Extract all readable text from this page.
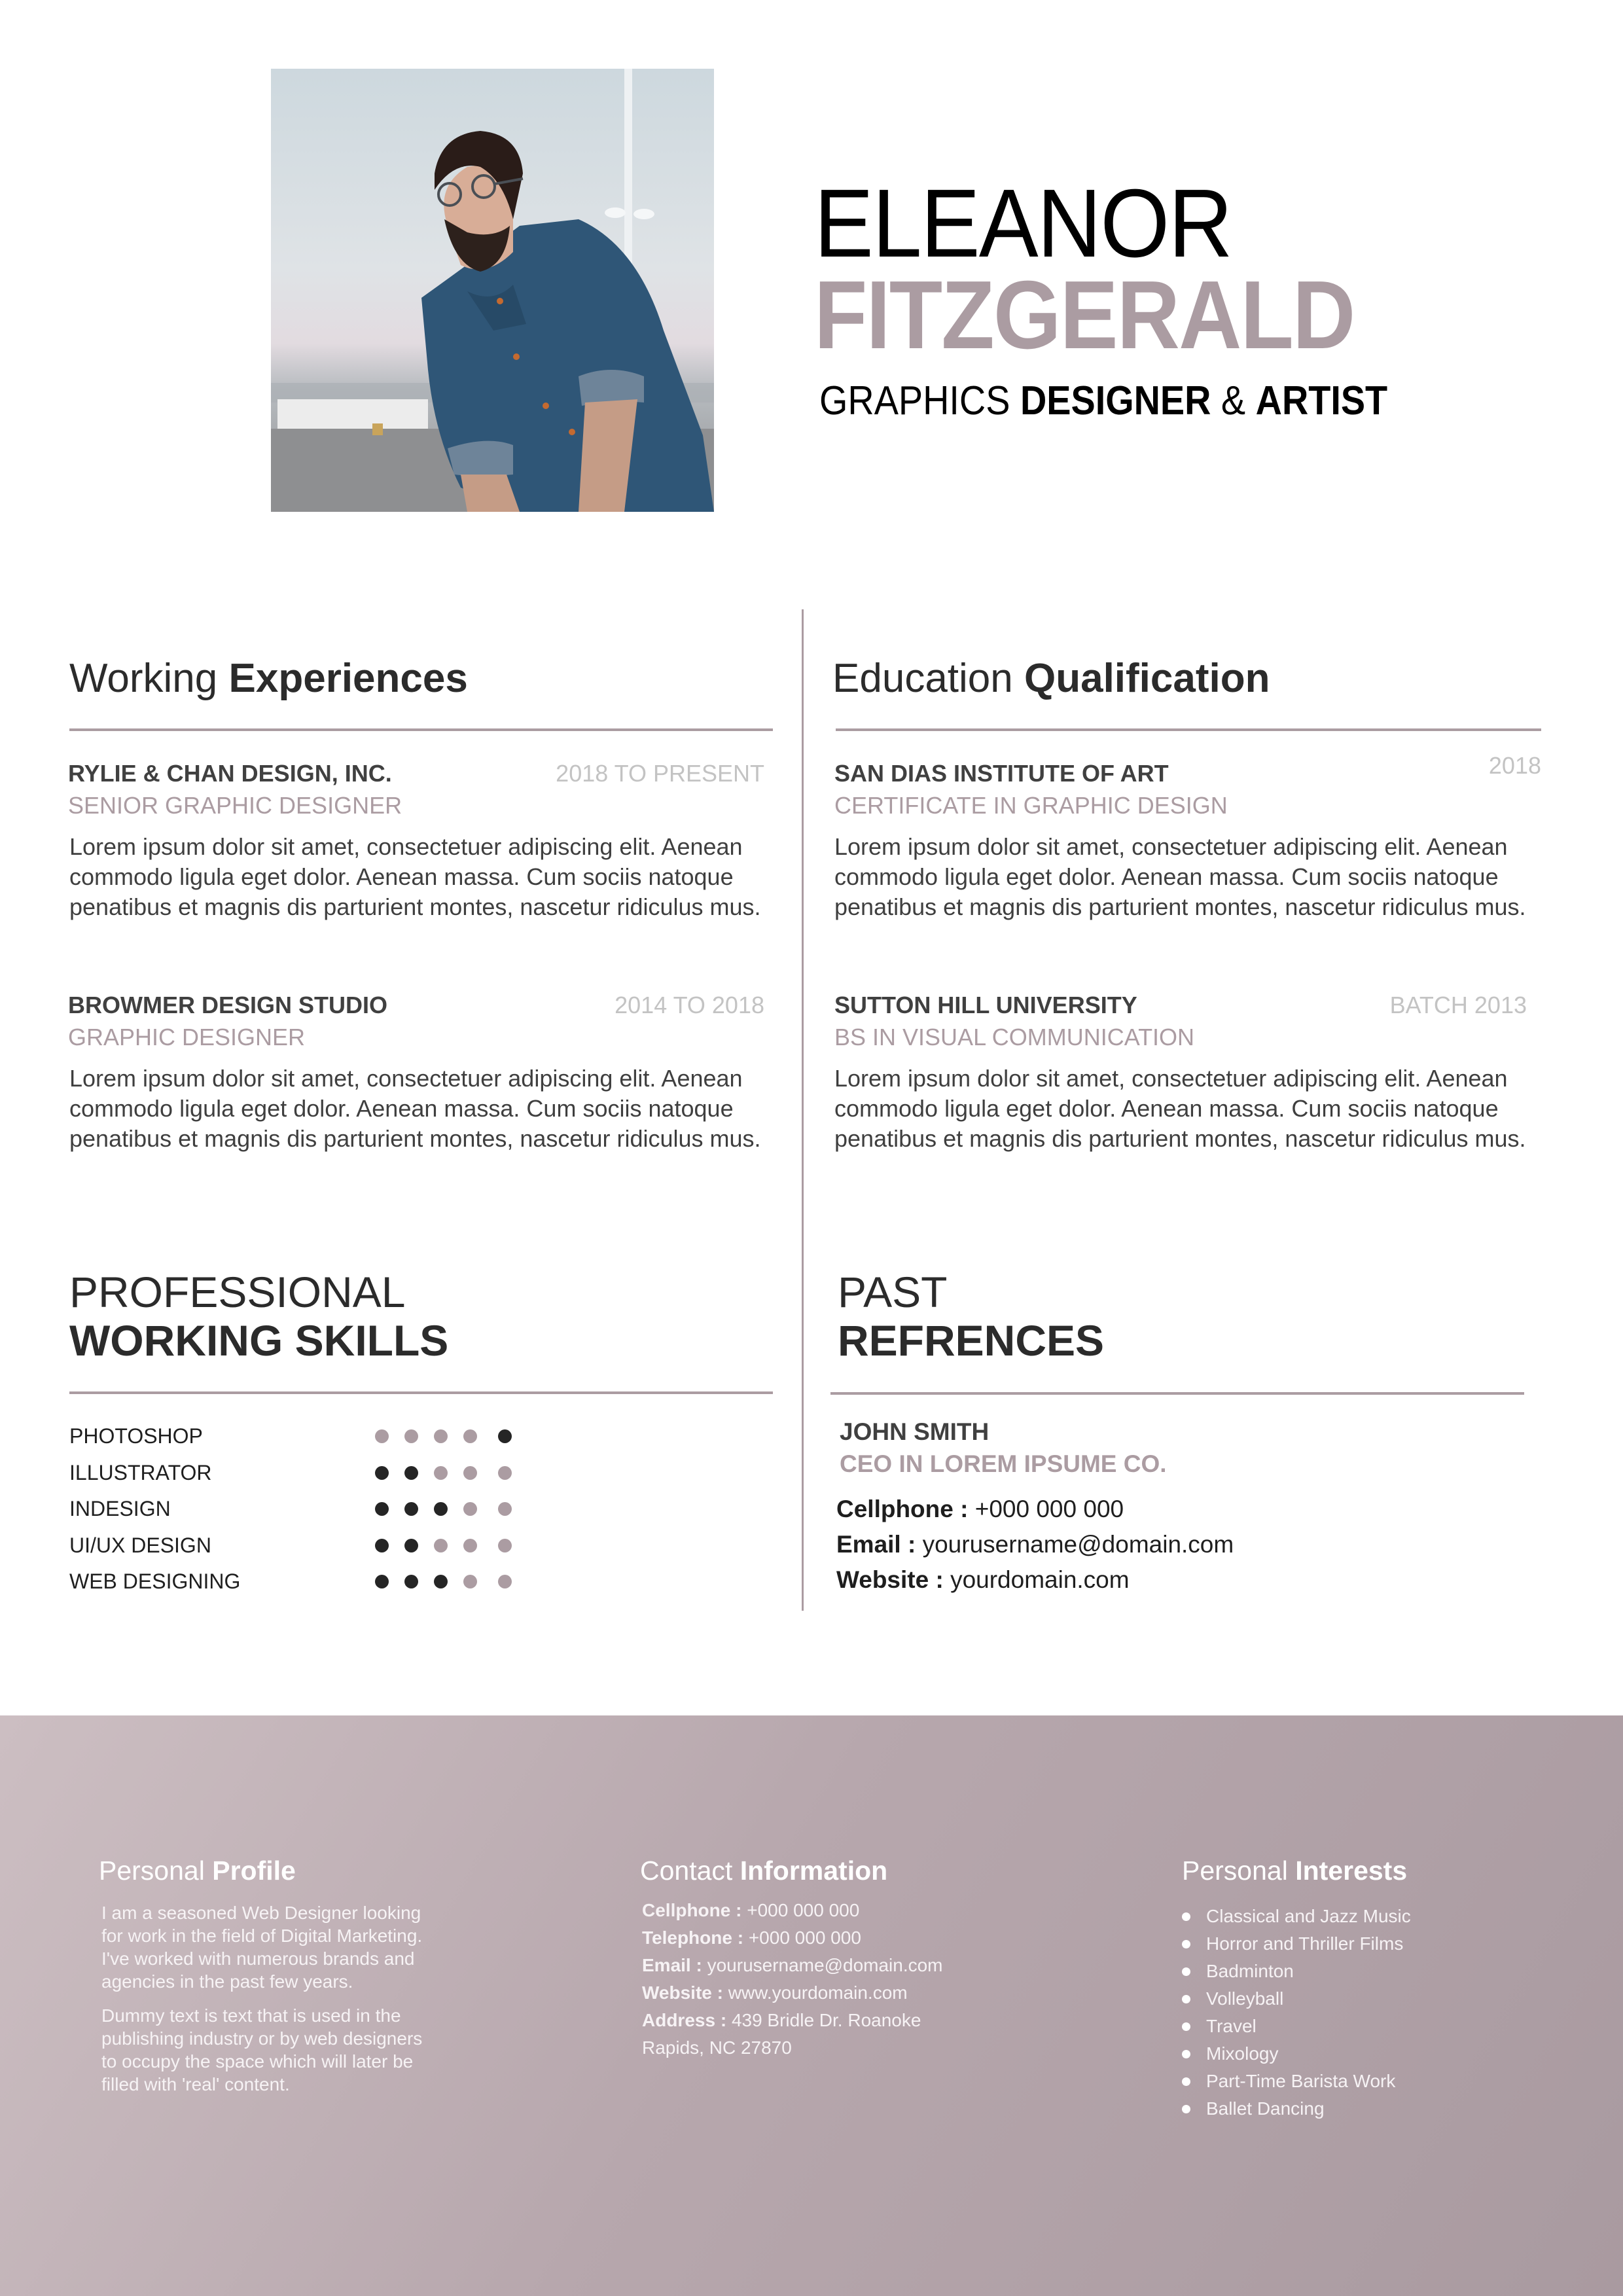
ELEANOR
FITZGERALD
GRAPHICS DESIGNER & ARTIST
Working Experiences
RYLIE & CHAN DESIGN, INC.	2018 TO PRESENT
SENIOR GRAPHIC DESIGNER
Lorem ipsum dolor sit amet, consectetuer adipiscing elit. Aenean commodo ligula eget dolor. Aenean massa. Cum sociis natoque penatibus et magnis dis parturient montes, nascetur ridiculus mus.
BROWMER DESIGN STUDIO	2014 TO 2018
GRAPHIC DESIGNER
Lorem ipsum dolor sit amet, consectetuer adipiscing elit. Aenean commodo ligula eget dolor. Aenean massa. Cum sociis natoque penatibus et magnis dis parturient montes, nascetur ridiculus mus.
Education Qualification
SAN DIAS INSTITUTE OF ART	2018
CERTIFICATE IN GRAPHIC DESIGN
Lorem ipsum dolor sit amet, consectetuer adipiscing elit. Aenean commodo ligula eget dolor. Aenean massa. Cum sociis natoque penatibus et magnis dis parturient montes, nascetur ridiculus mus.
SUTTON HILL UNIVERSITY	BATCH 2013
BS IN VISUAL COMMUNICATION
Lorem ipsum dolor sit amet, consectetuer adipiscing elit. Aenean commodo ligula eget dolor. Aenean massa. Cum sociis natoque penatibus et magnis dis parturient montes, nascetur ridiculus mus.
PROFESSIONAL
WORKING SKILLS
PHOTOSHOP
ILLUSTRATOR
INDESIGN
UI/UX DESIGN
WEB DESIGNING
PAST
REFRENCES
JOHN SMITH
CEO IN LOREM IPSUME CO.
Cellphone : +000 000 000
Email : yourusername@domain.com
Website : yourdomain.com
Personal Profile
I am a seasoned Web Designer looking for work in the field of Digital Marketing. I've worked with numerous brands and agencies in the past few years.
Dummy text is text that is used in the publishing industry or by web designers to occupy the space which will later be filled with 'real' content.
Contact Information
Cellphone : +000 000 000
Telephone : +000 000 000
Email : yourusername@domain.com
Website : www.yourdomain.com
Address : 439 Bridle Dr. Roanoke
Rapids, NC 27870
Personal Interests
Classical and Jazz Music
Horror and Thriller Films
Badminton
Volleyball
Travel
Mixology
Part-Time Barista Work
Ballet Dancing
